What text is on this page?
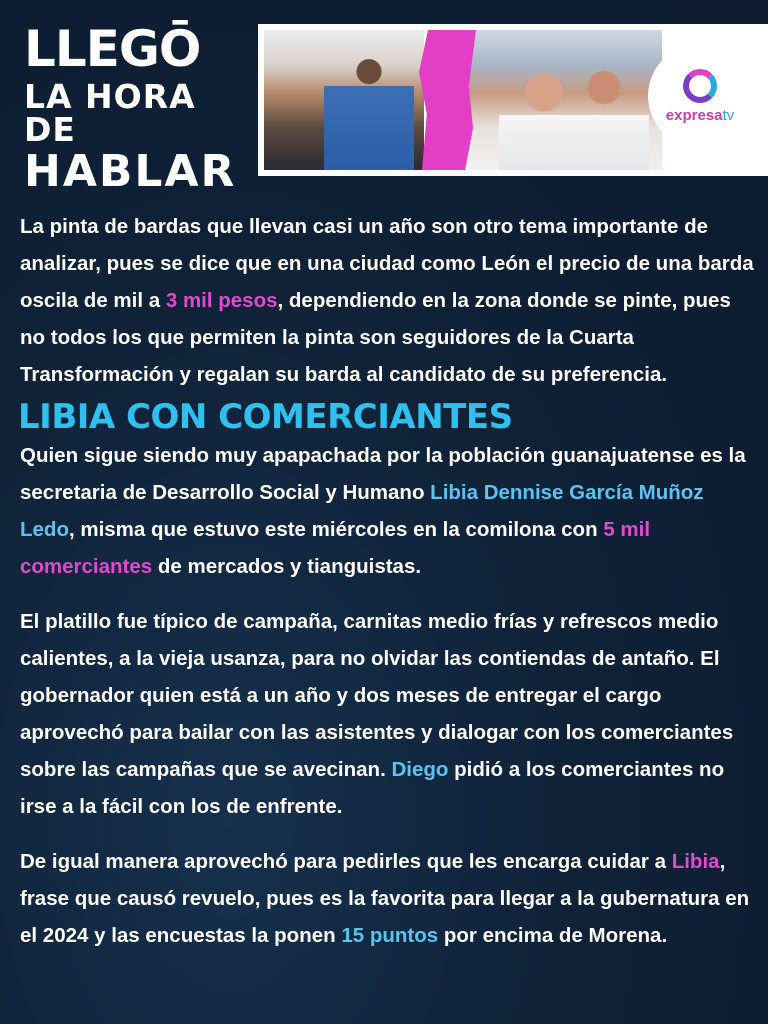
LLEGŌ
LA HORA DE
HABLAR
expresatv

La pinta de bardas que llevan casi un año son otro tema importante de analizar, pues se dice que en una ciudad como León el precio de una barda oscila de mil a 3 mil pesos, dependiendo en la zona donde se pinte, pues no todos los que permiten la pinta son seguidores de la Cuarta Transformación y regalan su barda al candidato de su preferencia.

LIBIA CON COMERCIANTES

Quien sigue siendo muy apapachada por la población guanajuatense es la secretaria de Desarrollo Social y Humano Libia Dennise García Muñoz Ledo, misma que estuvo este miércoles en la comilona con 5 mil comerciantes de mercados y tianguistas.

El platillo fue típico de campaña, carnitas medio frías y refrescos medio calientes, a la vieja usanza, para no olvidar las contiendas de antaño. El gobernador quien está a un año y dos meses de entregar el cargo aprovechó para bailar con las asistentes y dialogar con los comerciantes sobre las campañas que se avecinan. Diego pidió a los comerciantes no irse a la fácil con los de enfrente.

De igual manera aprovechó para pedirles que les encarga cuidar a Libia, frase que causó revuelo, pues es la favorita para llegar a la gubernatura en el 2024 y las encuestas la ponen 15 puntos por encima de Morena.
